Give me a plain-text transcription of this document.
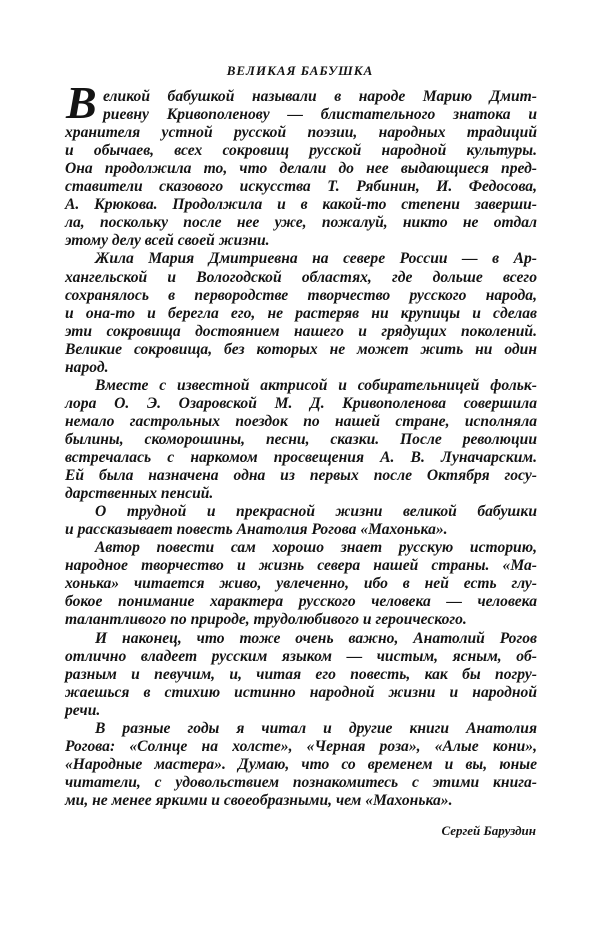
ВЕЛИКАЯ БАБУШКА
В еликой бабушкой называли в народе Марию Дмит-
риевну Кривополенову — блистательного знатока и
хранителя устной русской поэзии, народных традиций
и обычаев, всех сокровищ русской народной культуры.
Она продолжила то, что делали до нее выдающиеся пред-
ставители сказового искусства Т. Рябинин, И. Федосова,
А. Крюкова. Продолжила и в какой-то степени заверши-
ла, поскольку после нее уже, пожалуй, никто не отдал
этому делу всей своей жизни.
Жила Мария Дмитриевна на севере России — в Ар-
хангельской и Вологодской областях, где дольше всего
сохранялось в первородстве творчество русского народа,
и она-то и берегла его, не растеряв ни крупицы и сделав
эти сокровища достоянием нашего и грядущих поколений.
Великие сокровища, без которых не может жить ни один
народ.
Вместе с известной актрисой и собирательницей фольк-
лора О. Э. Озаровской М. Д. Кривополенова совершила
немало гастрольных поездок по нашей стране, исполняла
былины, скоморошины, песни, сказки. После революции
встречалась с наркомом просвещения А. В. Луначарским.
Ей была назначена одна из первых после Октября госу-
дарственных пенсий.
О трудной и прекрасной жизни великой бабушки
и рассказывает повесть Анатолия Рогова «Махонька».
Автор повести сам хорошо знает русскую историю,
народное творчество и жизнь севера нашей страны. «Ма-
хонька» читается живо, увлеченно, ибо в ней есть глу-
бокое понимание характера русского человека — человека
талантливого по природе, трудолюбивого и героического.
И наконец, что тоже очень важно, Анатолий Рогов
отлично владеет русским языком — чистым, ясным, об-
разным и певучим, и, читая его повесть, как бы погру-
жаешься в стихию истинно народной жизни и народной
речи.
В разные годы я читал и другие книги Анатолия
Рогова: «Солнце на холсте», «Черная роза», «Алые кони»,
«Народные мастера». Думаю, что со временем и вы, юные
читатели, с удовольствием познакомитесь с этими книга-
ми, не менее яркими и своеобразными, чем «Махонька».
Сергей Баруздин
